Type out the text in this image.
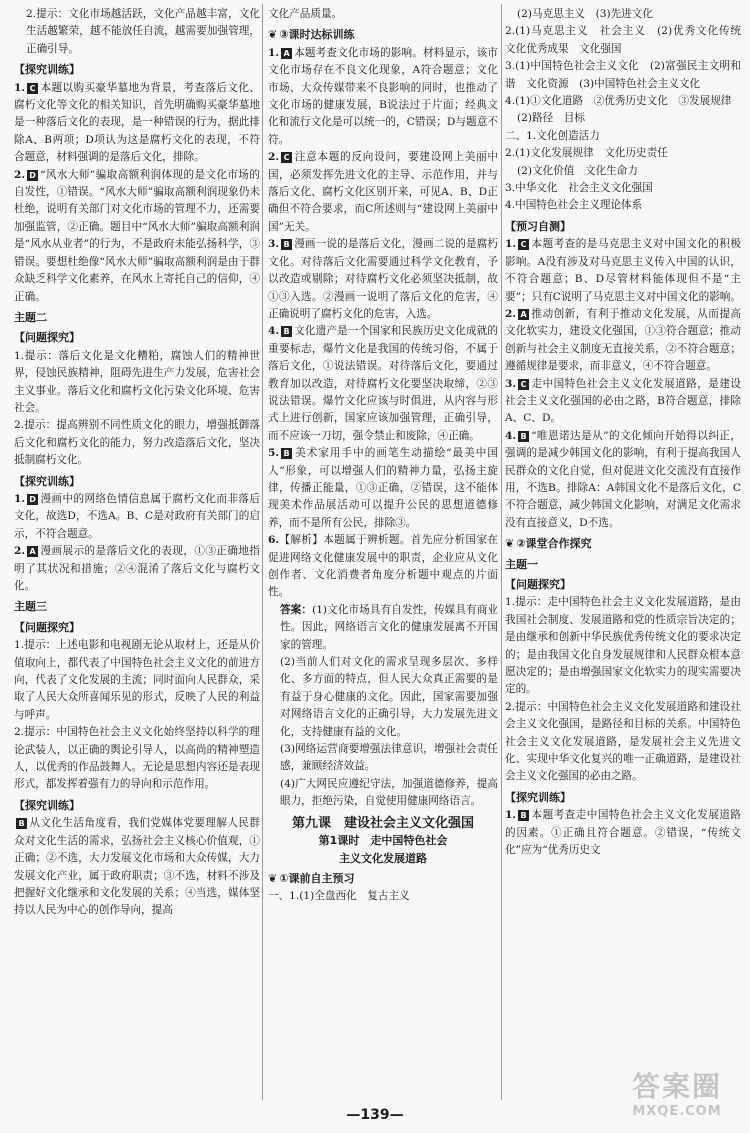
2.提示：文化市场越活跃，文化产品越丰富，文化生活越繁荣，越不能放任自流，越需要加强管理，正确引导。

【探究训练】

1. C 本题以购买豪华墓地为背景，考查落后文化、腐朽文化等文化的相关知识，首先明确购买豪华墓地是一种落后文化的表现，是一种错误的行为，据此排除A、B两项；D项认为这是腐朽文化的表现，不符合题意，材料强调的是落后文化，排除。

2. D “风水大师”骗取高额利润体现的是文化市场的自发性，①错误。“风水大师”骗取高额利润现象仍未杜绝，说明有关部门对文化市场的管理不力，还需要加强监管，②正确。题目中“风水大师”骗取高额利润是“风水从业者”的行为，不是政府未能弘扬科学，③错误。要想杜绝像“风水大师”骗取高额利润是由于群众缺乏科学文化素养，在风水上寄托自己的信仰，④正确。

主题二
【问题探究】

1.提示：落后文化是文化糟粕，腐蚀人们的精神世界，侵蚀民族精神，阻碍先进生产力发展，危害社会主义事业。落后文化和腐朽文化污染文化环境、危害社会。

2.提示：提高辨别不同性质文化的眼力，增强抵御落后文化和腐朽文化的能力，努力改造落后文化，坚决抵制腐朽文化。

【探究训练】

1. D 漫画中的网络色情信息属于腐朽文化而非落后文化，故选D，不选A。B、C是对政府有关部门的启示，不符合题意。

2. A 漫画展示的是落后文化的表现，①③正确地指明了其状况和措施；②④混淆了落后文化与腐朽文化。

主题三
【问题探究】

1.提示：上述电影和电视剧无论从取材上，还是从价值取向上，都代表了中国特色社会主义文化的前进方向，代表了文化发展的主流；同时面向人民群众，采取了人民大众所喜闻乐见的形式，反映了人民的利益与呼声。

2.提示：中国特色社会主义文化始终坚持以科学的理论武装人，以正确的舆论引导人，以高尚的精神塑造人，以优秀的作品鼓舞人。无论是思想内容还是表现形式，都发挥着强有力的导向和示范作用。

【探究训练】

B 从文化生活角度看，我们党媒体党要理解人民群众对文化生活的需求，弘扬社会主义核心价值观，①正确；②不选，大力发展文化市场和大众传媒，大力发展文化产业，属于政府职责；③不选，材料不涉及把握好文化继承和文化发展的关系；④当选，媒体坚持以人民为中心的创作导向，提高

文化产品质量。

❦ ③课时达标训练

1. A 本题考查文化市场的影响。材料显示，该市文化市场存在不良文化现象，A符合题意；文化市场、大众传媒带来不良影响的同时，也推动了文化市场的健康发展，B说法过于片面；经典文化和流行文化是可以统一的，C错误；D与题意不符。

2. C 注意本题的反向设问，要建设网上美丽中国，必须发挥先进文化的主导、示范作用，并与落后文化、腐朽文化区别开来，可见A、B、D正确但不符合要求，而C所述则与“建设网上美丽中国”无关。

3. B 漫画一说的是落后文化，漫画二说的是腐朽文化。对待落后文化需要通过科学文化教育，予以改造或剔除；对待腐朽文化必须坚决抵制，故①③入选。②漫画一说明了落后文化的危害，④正确说明了腐朽文化的危害，入选。

4. B 文化遗产是一个国家和民族历史文化成就的重要标志，爆竹文化是我国的传统习俗，不属于落后文化，①说法错误。对待落后文化，要通过教育加以改造，对待腐朽文化要坚决取缔，②③说法错误。爆竹文化应该与时俱进，从内容与形式上进行创新，国家应该加强管理，正确引导，而不应该一刀切，强令禁止和废除，④正确。

5. B 美术家用手中的画笔生动描绘“最美中国人”形象，可以增强人们的精神力量，弘扬主旋律，传播正能量，①③正确，②错误，这不能体现美术作品展活动可以提升公民的思想道德修养，而不是所有公民，排除③。

6.【解析】本题属于辨析题。首先应分析国家在促进网络文化健康发展中的职责，企业应从文化创作者、文化消费者角度分析题中观点的片面性。

答案：(1)文化市场具有自发性，传媒具有商业性。因此，网络语言文化的健康发展离不开国家的管理。

(2)当前人们对文化的需求呈现多层次、多样化、多方面的特点，但人民大众真正需要的是有益于身心健康的文化。因此，国家需要加强对网络语言文化的正确引导，大力发展先进文化，支持健康有益的文化。

(3)网络运营商要增强法律意识，增强社会责任感，兼顾经济效益。

(4)广大网民应遵纪守法，加强道德修养，提高眼力，拒绝污染，自觉使用健康网络语言。

第九课　建设社会主义文化强国
第1课时　走中国特色社会
主义文化发展道路
❦ ①课前自主预习

一、1.(1)全盘西化　复古主义

(2)马克思主义　(3)先进文化

2.(1)马克思主义　社会主义　(2)优秀文化传统　文化优秀成果　文化强国

3.(1)中国特色社会主义文化　(2)富强民主文明和谐　文化资源　(3)中国特色社会主义文化

4.(1)①文化道路　②优秀历史文化　③发展规律

(2)路径　目标

二、1.文化创造活力

2.(1)文化发展规律　文化历史责任

(2)文化价值　文化生命力

3.中华文化　社会主义文化强国

4.中国特色社会主义理论体系

【预习自测】

1. C 本题考查的是马克思主义对中国文化的积极影响。A没有涉及对马克思主义传入中国的认识，不符合题意；B、D尽管材料能体现但不是“主要”；只有C说明了马克思主义对中国文化的影响。

2. A 推动创新，有利于推动文化发展，从而提高文化软实力，建设文化强国，①③符合题意；推动创新与社会主义制度无直接关系，②不符合题意；遵循规律是要求，而非意义，④不符合题意。

3. C 走中国特色社会主义文化发展道路，是建设社会主义文化强国的必由之路，B符合题意，排除A、C、D。

4. B “唯恩诺达是从”的文化倾向开始得以纠正，强调的是减少韩国文化的影响，有利于提高我国人民群众的文化自觉，但对促进文化交流没有直接作用，不选B。排除A：A韩国文化不是落后文化，C不符合题意，减少韩国文化影响，对满足文化需求没有直接意义，D不选。

❦ ②课堂合作探究
主题一
【问题探究】

1.提示：走中国特色社会主义文化发展道路，是由我国社会制度、发展道路和党的性质宗旨决定的；是由继承和创新中华民族优秀传统文化的要求决定的；是由我国文化自身发展规律和人民群众根本意愿决定的；是由增强国家文化软实力的现实需要决定的。

2.提示：中国特色社会主义文化发展道路和建设社会主义文化强国，是路径和目标的关系。中国特色社会主义文化发展道路，是发展社会主义先进文化、实现中华文化复兴的唯一正确道路，是建设社会主义文化强国的必由之路。

【探究训练】

1. B 本题考查走中国特色社会主义文化发展道路的因素。①正确且符合题意。②错误，“传统文化”应为“优秀历史文

—139—
答案圈
MXQE.COM
